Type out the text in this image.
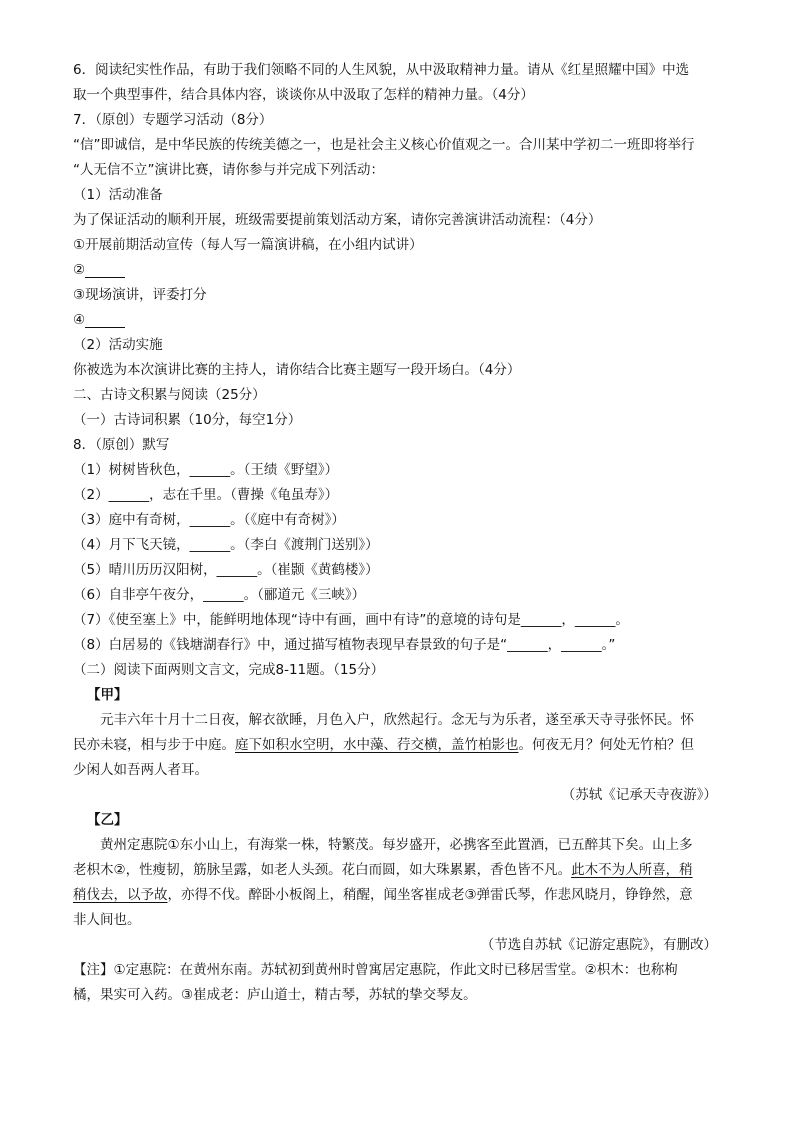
6．阅读纪实性作品，有助于我们领略不同的人生风貌，从中汲取精神力量。请从《红星照耀中国》中选
取一个典型事件，结合具体内容，谈谈你从中汲取了怎样的精神力量。（4分）
7．（原创）专题学习活动（8分）
“信”即诚信，是中华民族的传统美德之一，也是社会主义核心价值观之一。合川某中学初二一班即将举行
“人无信不立”演讲比赛，请你参与并完成下列活动：
（1）活动准备
为了保证活动的顺利开展，班级需要提前策划活动方案，请你完善演讲活动流程：（4分）
①开展前期活动宣传（每人写一篇演讲稿，在小组内试讲）
②
③现场演讲，评委打分
④
（2）活动实施
你被选为本次演讲比赛的主持人，请你结合比赛主题写一段开场白。（4分）
二、古诗文积累与阅读（25分）
（一）古诗词积累（10分，每空1分）
8．（原创）默写
（1）树树皆秋色，______。（王绩《野望》）
（2）______，志在千里。（曹操《龟虽寿》）
（3）庭中有奇树，______。（《庭中有奇树》）
（4）月下飞天镜，______。（李白《渡荆门送别》）
（5）晴川历历汉阳树，______。（崔颢《黄鹤楼》）
（6）自非亭午夜分，______。（郦道元《三峡》）
（7）《使至塞上》中，能鲜明地体现“诗中有画，画中有诗”的意境的诗句是______，______。
（8）白居易的《钱塘湖春行》中，通过描写植物表现早春景致的句子是“______，______。”
（二）阅读下面两则文言文，完成8-11题。（15分）
【甲】
元丰六年十月十二日夜，解衣欲睡，月色入户，欣然起行。念无与为乐者，遂至承天寺寻张怀民。怀
民亦未寝，相与步于中庭。庭下如积水空明，水中藻、荇交横，盖竹柏影也。何夜无月？何处无竹柏？但
少闲人如吾两人者耳。
（苏轼《记承天寺夜游》）
【乙】
黄州定惠院①东小山上，有海棠一株，特繁茂。每岁盛开，必携客至此置酒，已五醉其下矣。山上多
老枳木②，性瘦韧，筋脉呈露，如老人头颈。花白而圆，如大珠累累，香色皆不凡。此木不为人所喜，稍
稍伐去，以予故，亦得不伐。醉卧小板阁上，稍醒，闻坐客崔成老③弹雷氏琴，作悲风晓月，铮铮然，意
非人间也。
（节选自苏轼《记游定惠院》，有删改）
【注】①定惠院：在黄州东南。苏轼初到黄州时曾寓居定惠院，作此文时已移居雪堂。②枳木：也称枸
橘，果实可入药。③崔成老：庐山道士，精古琴，苏轼的挚交琴友。
